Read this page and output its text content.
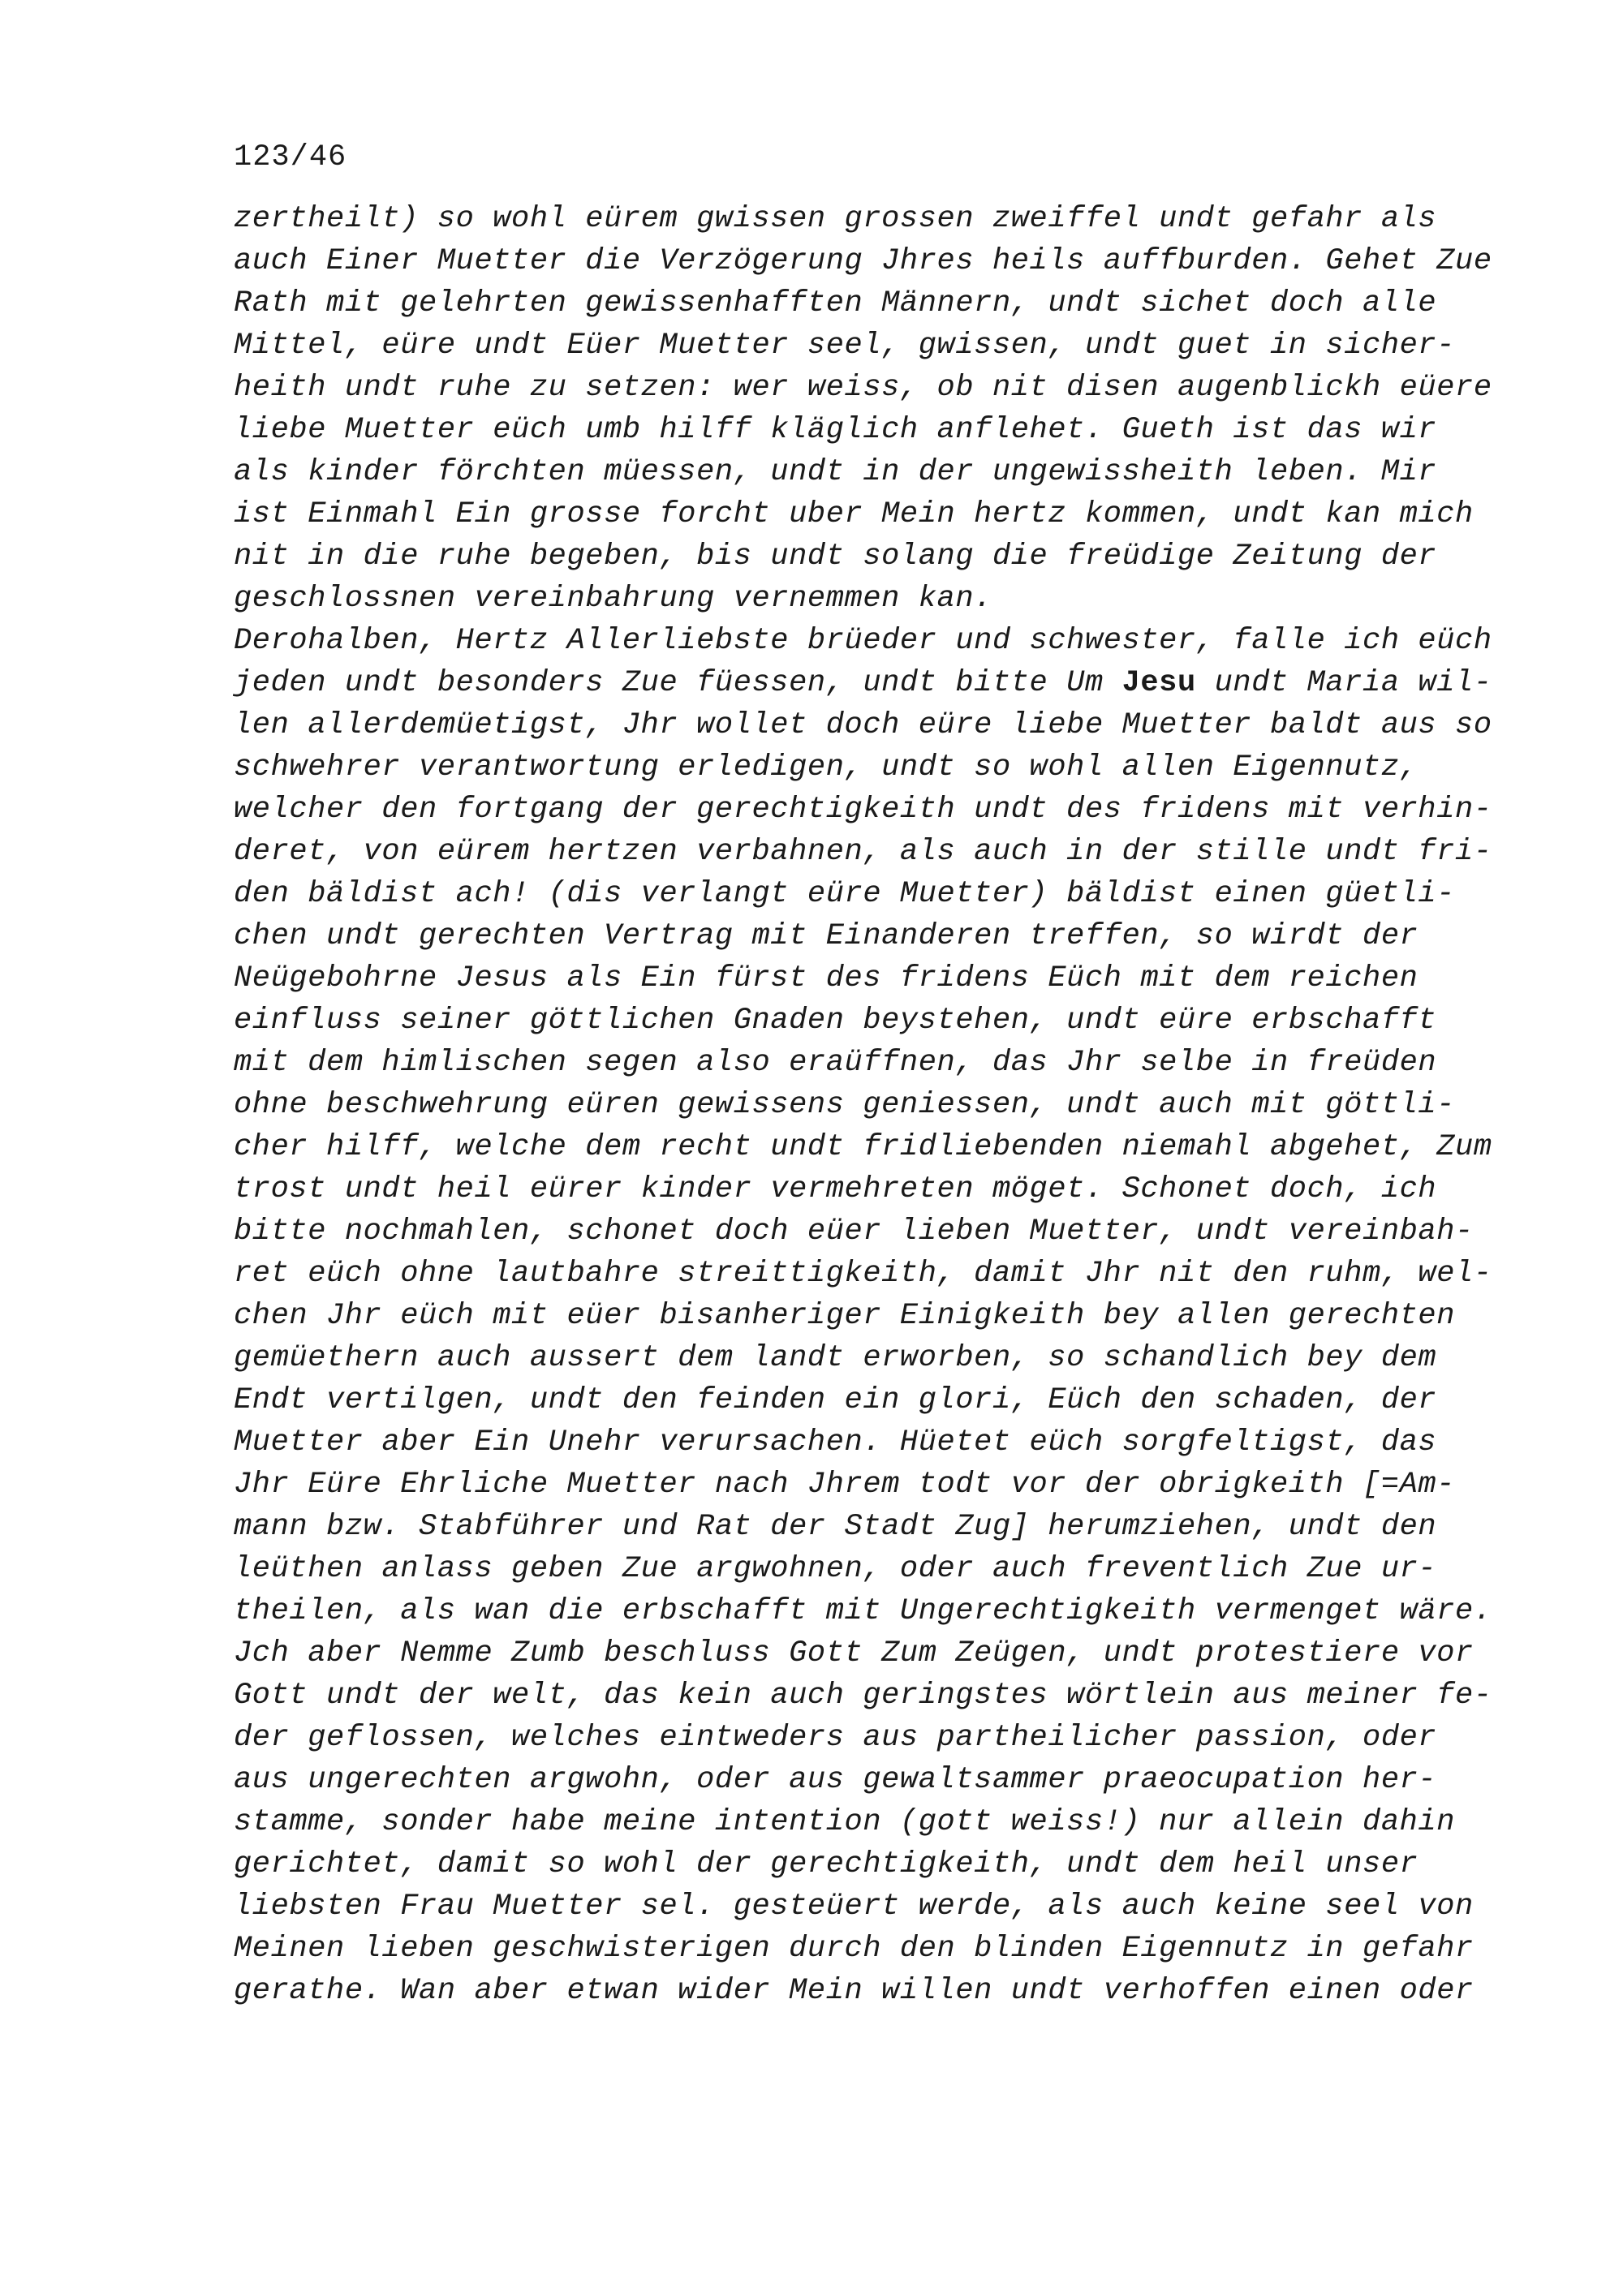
123/46
zertheilt) so wohl eürem gwissen grossen zweiffel undt gefahr als
auch Einer Muetter die Verzögerung Jhres heils auffburden. Gehet Zue
Rath mit gelehrten gewissenhafften Männern, undt sichet doch alle
Mittel, eüre undt Eüer Muetter seel, gwissen, undt guet in sicher-
heith undt ruhe zu setzen: wer weiss, ob nit disen augenblickh eüere
liebe Muetter eüch umb hilff kläglich anflehet. Gueth ist das wir
als kinder förchten müessen, undt in der ungewissheith leben. Mir
ist Einmahl Ein grosse forcht uber Mein hertz kommen, undt kan mich
nit in die ruhe begeben, bis undt solang die freüdige Zeitung der
geschlossnen vereinbahrung vernemmen kan.
Derohalben, Hertz Allerliebste brüeder und schwester, falle ich eüch
jeden undt besonders Zue füessen, undt bitte Um Jesu undt Maria wil-
len allerdemüetigst, Jhr wollet doch eüre liebe Muetter baldt aus so
schwehrer verantwortung erledigen, undt so wohl allen Eigennutz,
welcher den fortgang der gerechtigkeith undt des fridens mit verhin-
deret, von eürem hertzen verbahnen, als auch in der stille undt fri-
den bäldist ach! (dis verlangt eüre Muetter) bäldist einen güetli-
chen undt gerechten Vertrag mit Einanderen treffen, so wirdt der
Neügebohrne Jesus als Ein fürst des fridens Eüch mit dem reichen
einfluss seiner göttlichen Gnaden beystehen, undt eüre erbschafft
mit dem himlischen segen also eraüffnen, das Jhr selbe in freüden
ohne beschwehrung eüren gewissens geniessen, undt auch mit göttli-
cher hilff, welche dem recht undt fridliebenden niemahl abgehet, Zum
trost undt heil eürer kinder vermehreten möget. Schonet doch, ich
bitte nochmahlen, schonet doch eüer lieben Muetter, undt vereinbah-
ret eüch ohne lautbahre streittigkeith, damit Jhr nit den ruhm, wel-
chen Jhr eüch mit eüer bisanheriger Einigkeith bey allen gerechten
gemüethern auch aussert dem landt erworben, so schandlich bey dem
Endt vertilgen, undt den feinden ein glori, Eüch den schaden, der
Muetter aber Ein Unehr verursachen. Hüetet eüch sorgfeltigst, das
Jhr Eüre Ehrliche Muetter nach Jhrem todt vor der obrigkeith [=Am-
mann bzw. Stabführer und Rat der Stadt Zug] herumziehen, undt den
leüthen anlass geben Zue argwohnen, oder auch freventlich Zue ur-
theilen, als wan die erbschafft mit Ungerechtigkeith vermenget wäre.
Jch aber Nemme Zumb beschluss Gott Zum Zeügen, undt protestiere vor
Gott undt der welt, das kein auch geringstes wörtlein aus meiner fe-
der geflossen, welches eintweders aus partheilicher passion, oder
aus ungerechten argwohn, oder aus gewaltsammer praeocupation her-
stamme, sonder habe meine intention (gott weiss!) nur allein dahin
gerichtet, damit so wohl der gerechtigkeith, undt dem heil unser
liebsten Frau Muetter sel. gesteüert werde, als auch keine seel von
Meinen lieben geschwisterigen durch den blinden Eigennutz in gefahr
gerathe. Wan aber etwan wider Mein willen undt verhoffen einen oder
